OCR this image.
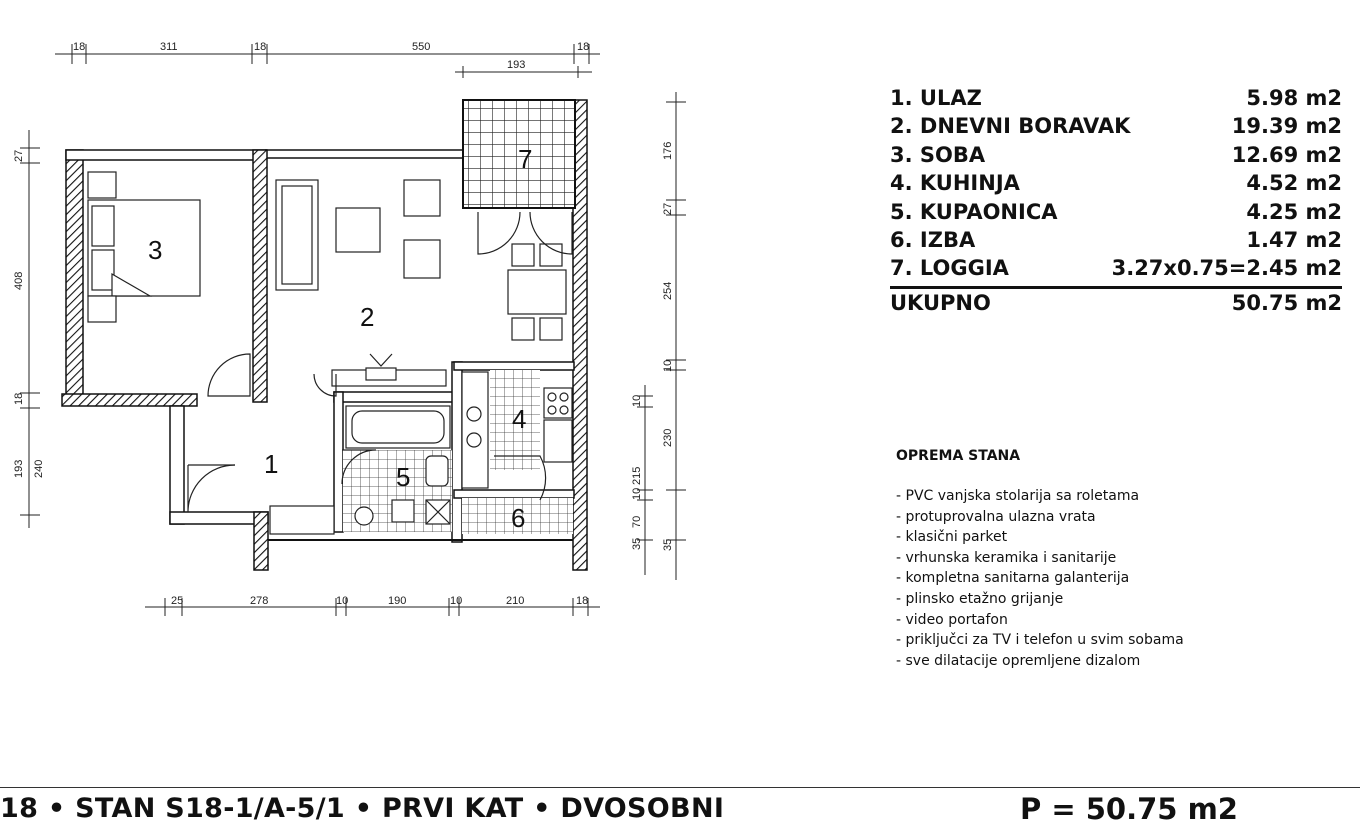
18	311	18	550	18
193
25	278	10	190	10	210	18
27
408
18
193 240
176
27
254
10
230
35
10
215
10
70
35
1
2
3
4
5
6
7
1. ULAZ	5.98 m2
2. DNEVNI BORAVAK	19.39 m2
3. SOBA	12.69 m2
4. KUHINJA	4.52 m2
5. KUPAONICA	4.25 m2
6. IZBA	1.47 m2
7. LOGGIA	3.27x0.75=2.45 m2
UKUPNO	50.75 m2
OPREMA STANA
- PVC vanjska stolarija sa roletama
- protuprovalna ulazna vrata
- klasični parket
- vrhunska keramika i sanitarije
- kompletna sanitarna galanterija
- plinsko etažno grijanje
- video portafon
- priključci za TV i telefon u svim sobama
- sve dilatacije opremljene dizalom
18 • STAN S18-1/A-5/1 • PRVI KAT • DVOSOBNI	P = 50.75 m2
